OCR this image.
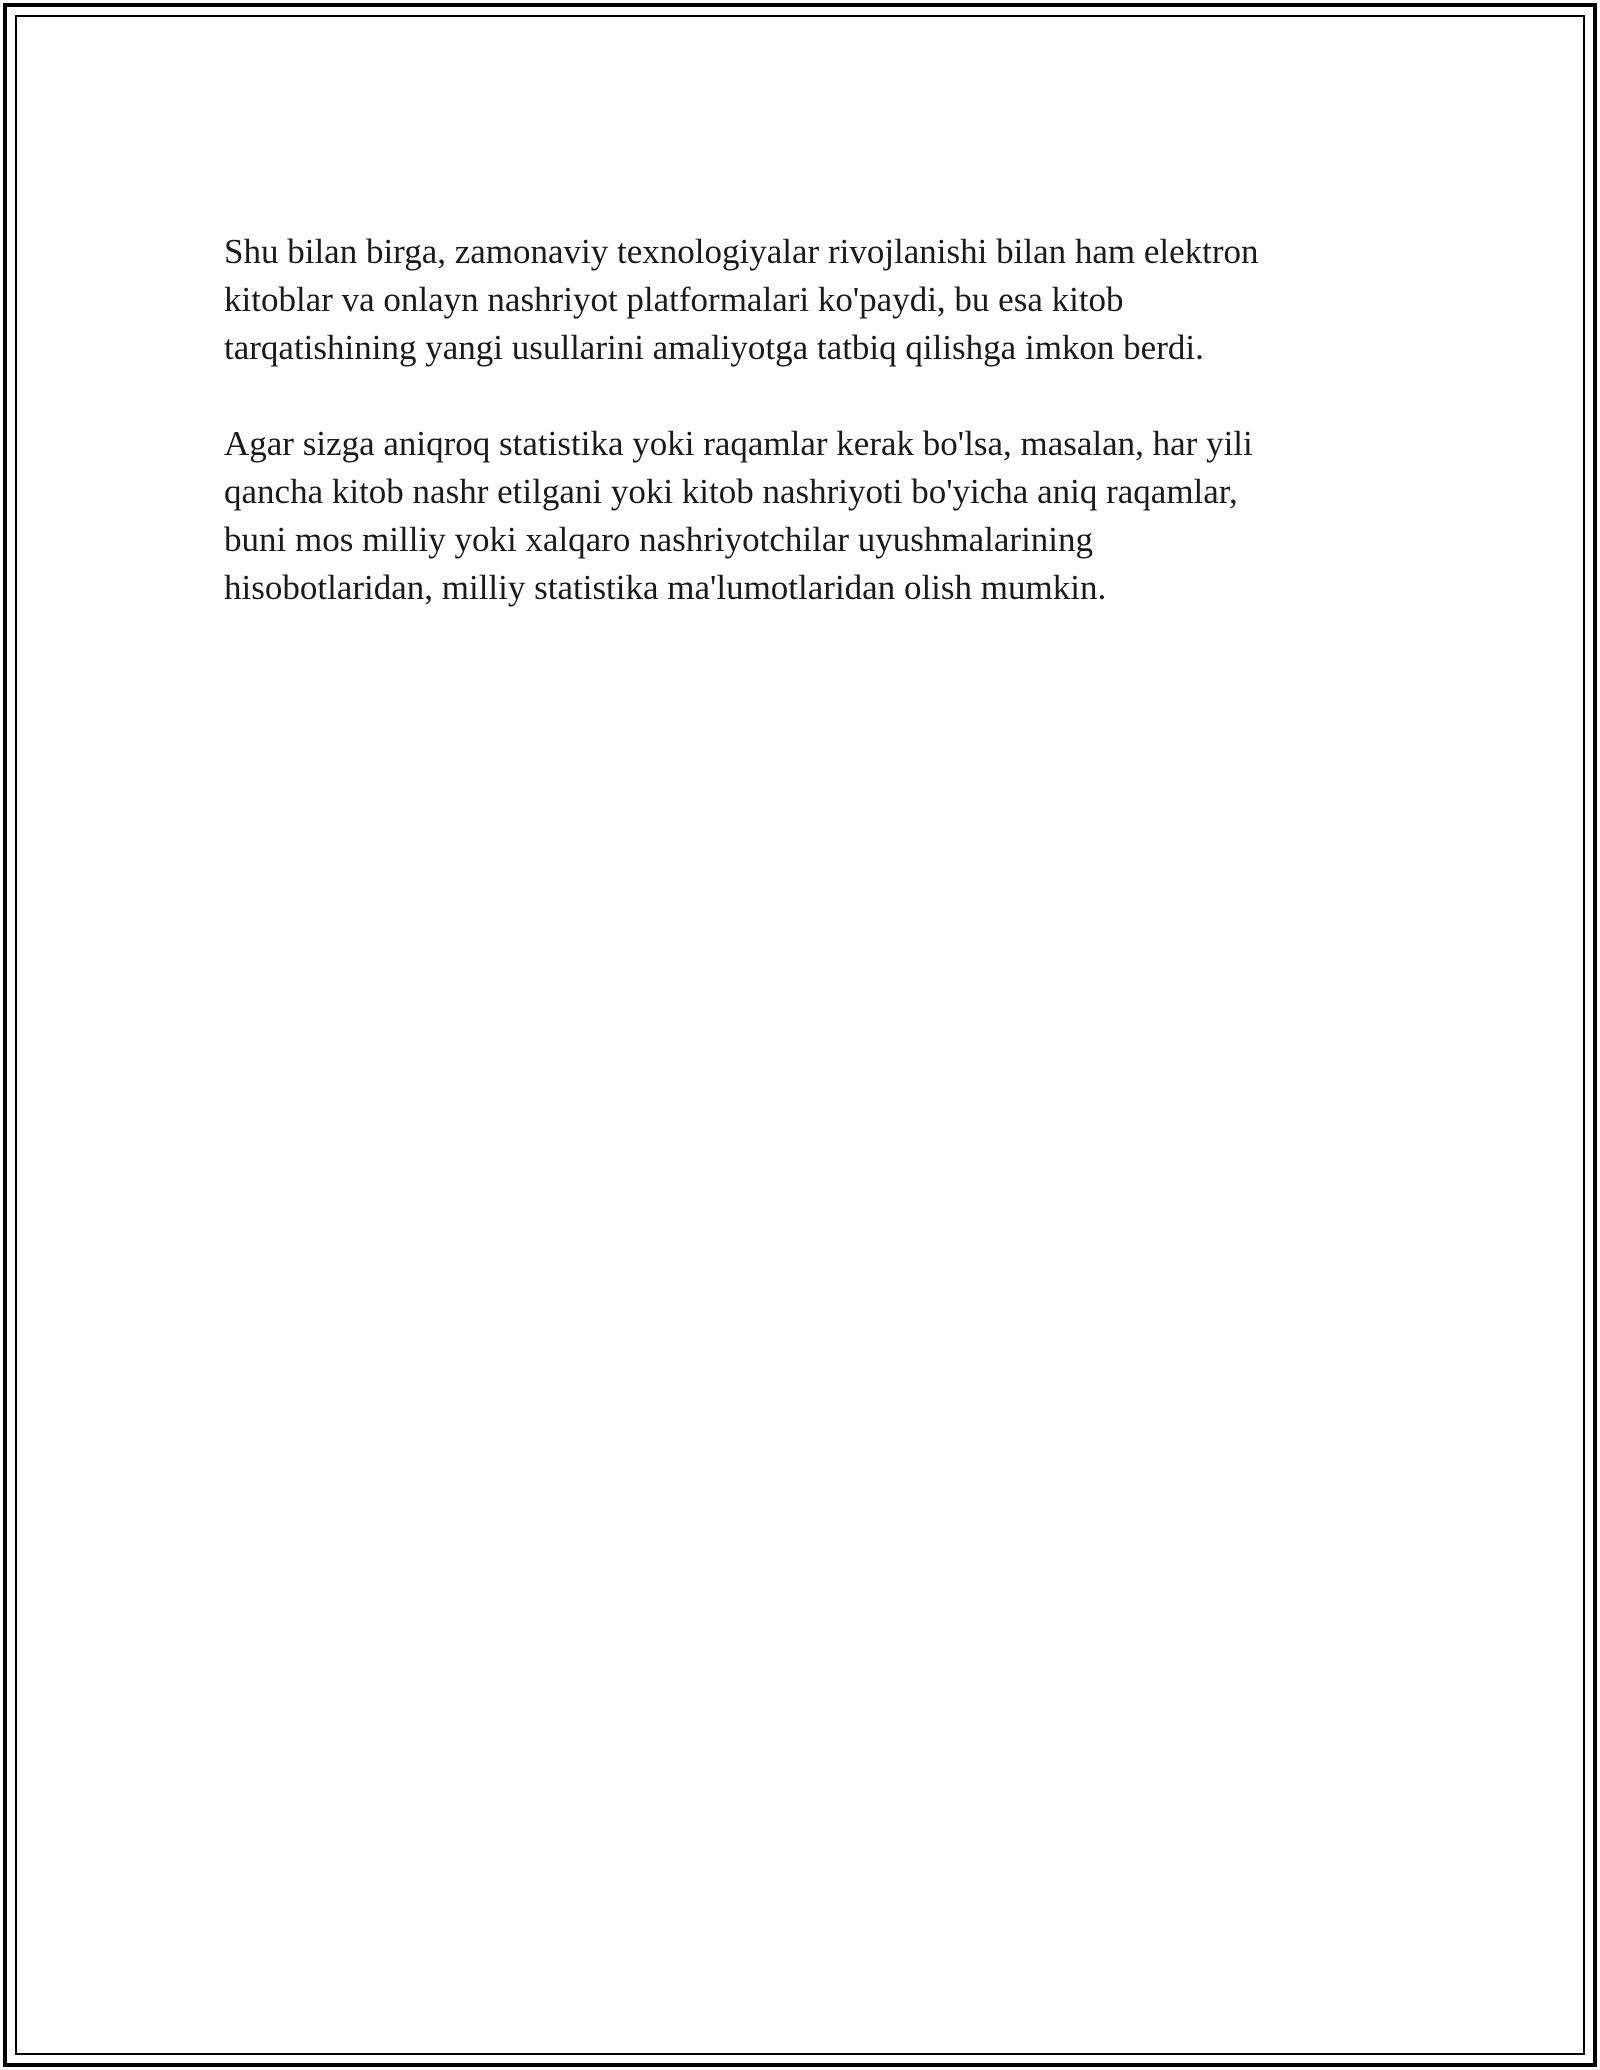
Shu bilan birga, zamonaviy texnologiyalar rivojlanishi bilan ham elektron
kitoblar va onlayn nashriyot platformalari ko'paydi, bu esa kitob
tarqatishining yangi usullarini amaliyotga tatbiq qilishga imkon berdi.

Agar sizga aniqroq statistika yoki raqamlar kerak bo'lsa, masalan, har yili
qancha kitob nashr etilgani yoki kitob nashriyoti bo'yicha aniq raqamlar,
buni mos milliy yoki xalqaro nashriyotchilar uyushmalarining
hisobotlaridan, milliy statistika ma'lumotlaridan olish mumkin.
